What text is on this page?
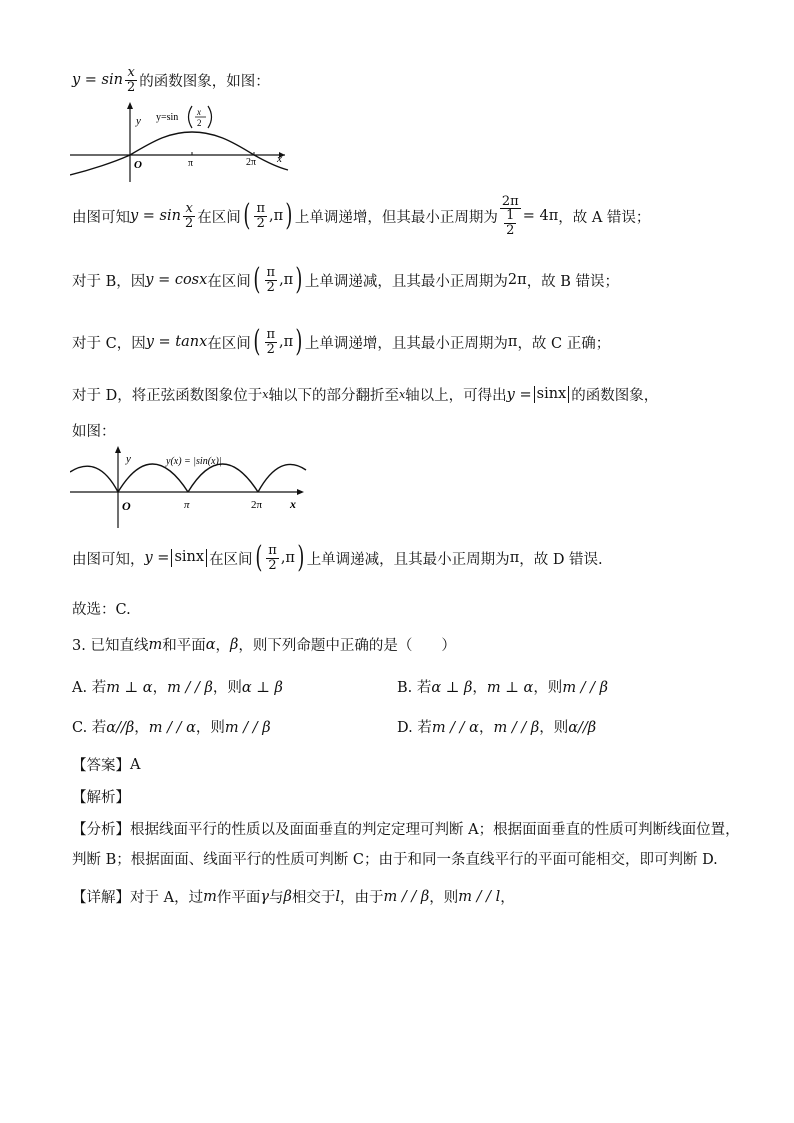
$y = \sin \frac{x}{2}$ 的函数图象，如图：
y
O	π	2π x
y=sin x
2
由图可知 $y = \sin \frac{x}{2}$ 在区间 ( $\frac{\pi}{2} ,\pi$ ) 上单调递增，但其最小正周期为 $\frac{2\pi}{\frac{1}{2}} = 4\pi$ ，故 A 错误；
对于 B，因 y = cosx 在区间 ( $\frac{\pi}{2} ,\pi$ ) 上单调递减，且其最小正周期为 2π ，故 B 错误；
对于 C，因 y = tanx 在区间 ( $\frac{\pi}{2} ,\pi$ ) 上单调递增，且其最小正周期为 π ，故 C 正确；
对于 D，将正弦函数图象位于 x 轴以下的部分翻折至 x 轴以上，可得出 y = sinx 的函数图象，
如图：
y
O	π	2π x
y(x) = |sin(x)|
由图可知， y = sinx 在区间 ( $\frac{\pi}{2} ,\pi$ ) 上单调递减，且其最小正周期为 π ，故 D 错误.
故选：C.
3. 已知直线 m 和平面 α ， β ，则下列命题中正确的是（　　）
A. 若m ⊥ α，m / / β，则α ⊥ β	B. 若α ⊥ β，m ⊥ α，则m / / β
C. 若α//β，m / / α，则m / / β	D. 若m / / α，m / / β，则α//β
【答案】 A
【解析】
【分析】 根据线面平行的性质以及面面垂直的判定定理可判断 A；根据面面垂直的性质可判断线面位置，
判断 B；根据面面、线面平行的性质可判断 C；由于和同一条直线平行的平面可能相交，即可判断 D.
【详解】 对于 A，过 m 作平面 γ 与 β 相交于 l ，由于 m / / β ，则 m / / l ，
